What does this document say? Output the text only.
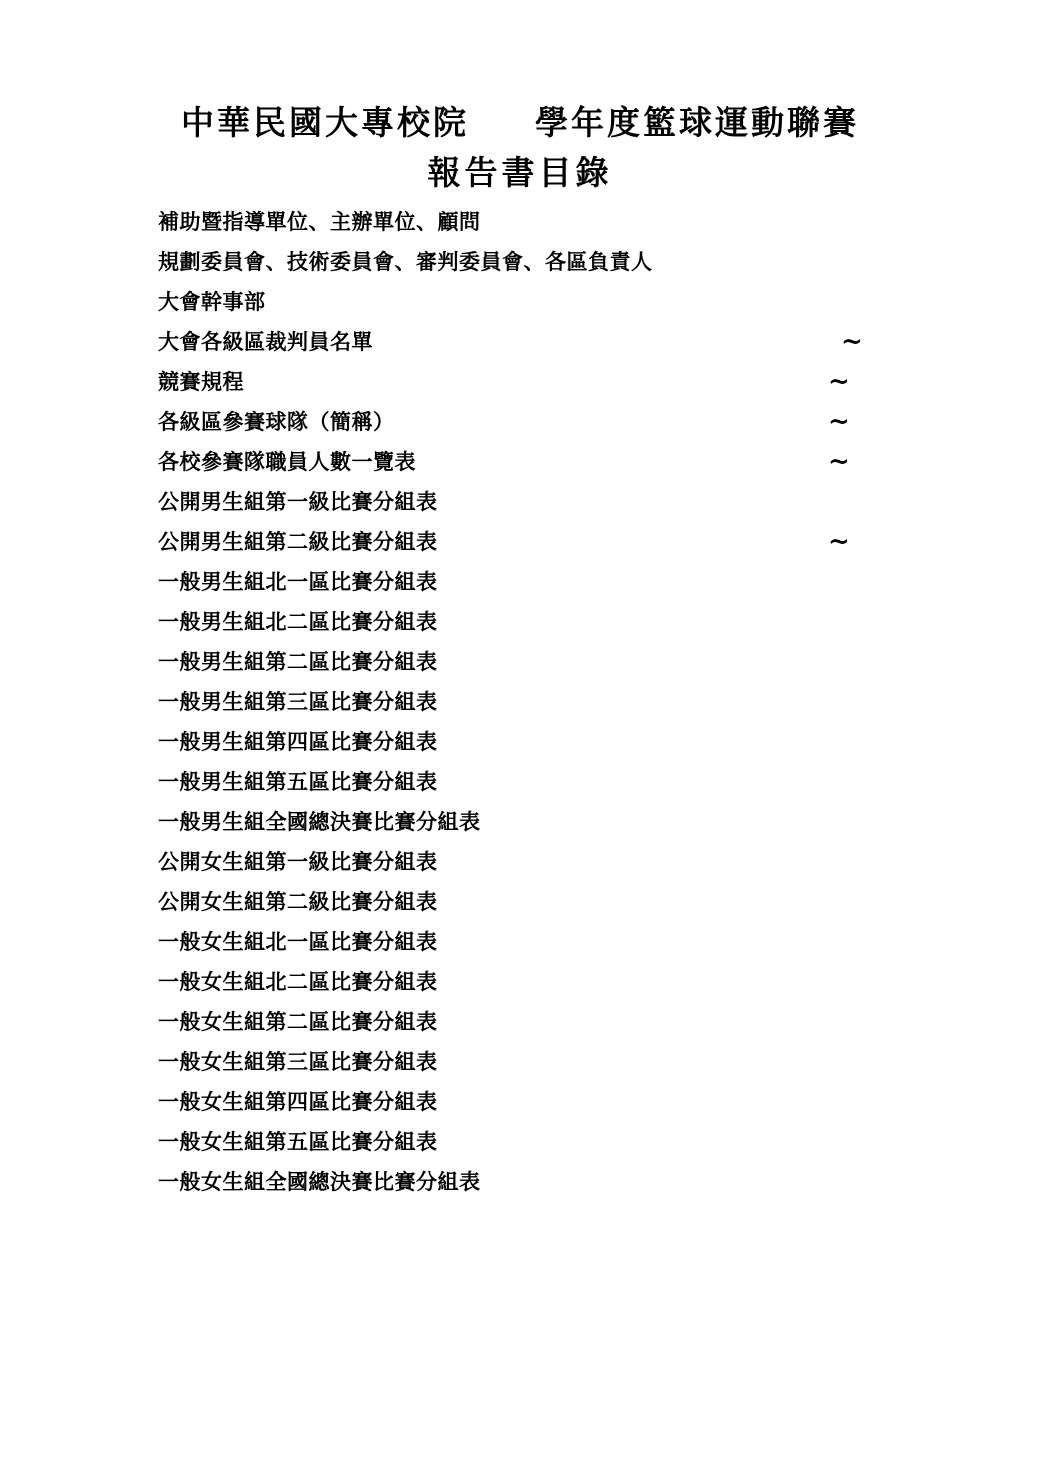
中華民國大專校院 學年度籃球運動聯賽
報告書目錄
補助暨指導單位、主辦單位、顧問
規劃委員會、技術委員會、審判委員會、各區負責人
大會幹事部
大會各級區裁判員名單	~
競賽規程	~
各級區參賽球隊（簡稱）	~
各校參賽隊職員人數一覽表	~
公開男生組第一級比賽分組表
公開男生組第二級比賽分組表	~
一般男生組北一區比賽分組表
一般男生組北二區比賽分組表
一般男生組第二區比賽分組表
一般男生組第三區比賽分組表
一般男生組第四區比賽分組表
一般男生組第五區比賽分組表
一般男生組全國總決賽比賽分組表
公開女生組第一級比賽分組表
公開女生組第二級比賽分組表
一般女生組北一區比賽分組表
一般女生組北二區比賽分組表
一般女生組第二區比賽分組表
一般女生組第三區比賽分組表
一般女生組第四區比賽分組表
一般女生組第五區比賽分組表
一般女生組全國總決賽比賽分組表
